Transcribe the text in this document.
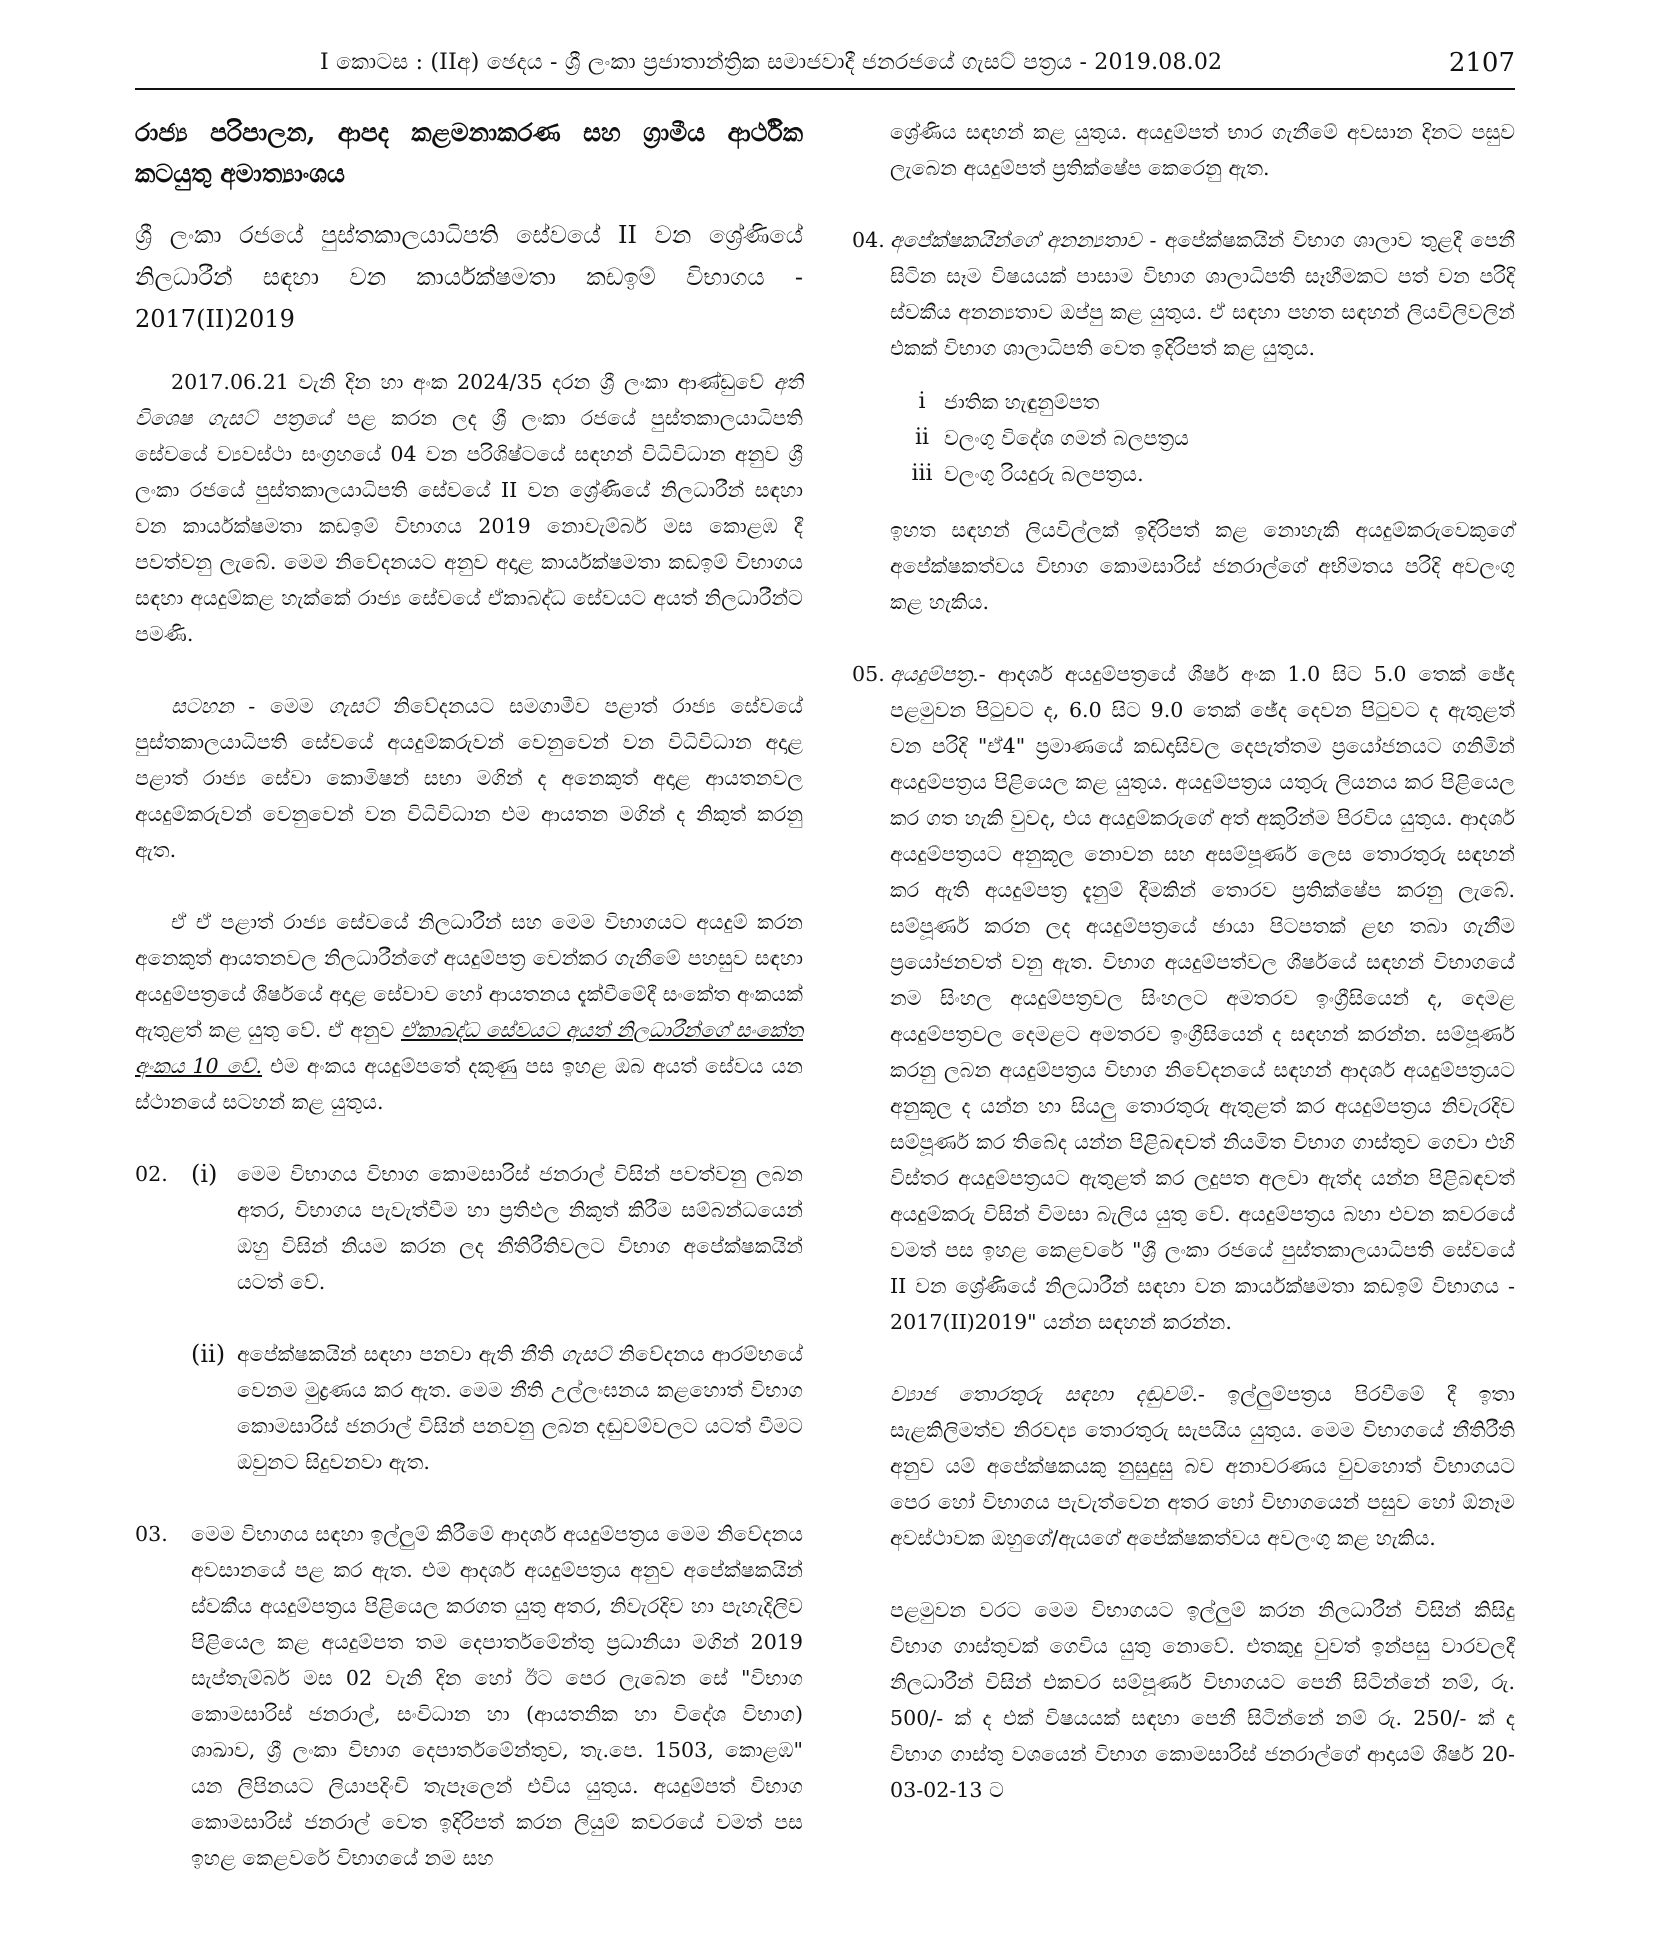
I කොටස : (IIඅ) ඡෙදය - ශ්‍රී ලංකා ප්‍රජාතාන්ත්‍රික සමාජවාදී ජනරජයේ ගැසට් පත්‍රය - 2019.08.02	2107

රාජ්‍ය පරිපාලන, ආපද කළමනාකරණ සහ ග්‍රාමීය ආර්ථික කටයුතු අමාත්‍යාංශය

ශ්‍රී ලංකා රජයේ පුස්තකාලයාධිපති සේවයේ II වන ශ්‍රේණියේ නිලධාරීන් සඳහා වන කාර්යක්ෂමතා කඩඉම් විභාගය - 2017(II)2019

2017.06.21 වැනි දින හා අංක 2024/35 දරන ශ්‍රී ලංකා ආණ්ඩුවේ අති විශෙෂ ගැසට් පත්‍රයේ පළ කරන ලද ශ්‍රී ලංකා රජයේ පුස්තකාලයාධිපති සේවයේ ව්‍යවස්ථා සංග්‍රහයේ 04 වන පරිශිෂ්ටයේ සඳහන් විධිවිධාන අනුව ශ්‍රී ලංකා රජයේ පුස්තකාලයාධිපති සේවයේ II වන ශ්‍රේණියේ නිලධාරීන් සඳහා වන කාර්යක්ෂමතා කඩඉම් විභාගය 2019 නොවැම්බර් මස කොළඹ දී පවත්වනු ලැබේ. මෙම නිවේදනයට අනුව අදාළ කාර්යක්ෂමතා කඩඉම් විභාගය සඳහා අයදුම්කළ හැක්කේ රාජ්‍ය සේවයේ ඒකාබද්ධ සේවයට අයත් නිලධාරීන්ට පමණි.

සටහන - මෙම ගැසට් නිවේදනයට සමගාමීව පළාත් රාජ්‍ය සේවයේ පුස්තකාලයාධිපති සේවයේ අයදුම්කරුවන් වෙනුවෙන් වන විධිවිධාන අදාළ පළාත් රාජ්‍ය සේවා කොමිෂන් සභා මගින් ද අනෙකුත් අදාළ ආයතනවල අයදුම්කරුවන් වෙනුවෙන් වන විධිවිධාන එම ආයතන මගින් ද නිකුත් කරනු ඇත.

ඒ ඒ පළාත් රාජ්‍ය සේවයේ නිලධාරීන් සහ මෙම විභාගයට අයදුම් කරන අනෙකුත් ආයතනවල නිලධාරීන්ගේ අයදුම්පත්‍ර වෙන්කර ගැනීමේ පහසුව සඳහා අයදුම්පත්‍රයේ ශීර්ෂයේ අදාළ සේවාව හෝ ආයතනය දැක්වීමේදී සංකේත අංකයක් ඇතුළත් කළ යුතු වේ. ඒ අනුව ඒකාබද්ධ සේවයට අයත් නිලධාරීන්ගේ සංකේත අංකය 10 වේ. එම අංකය අයදුම්පතේ දකුණු පස ඉහළ ඔබ අයත් සේවය යන ස්ථානයේ සටහන් කළ යුතුය.

02. (i) මෙම විභාගය විභාග කොමසාරිස් ජනරාල් විසින් පවත්වනු ලබන අතර, විභාගය පැවැත්වීම හා ප්‍රතිඵල නිකුත් කිරීම සම්බන්ධයෙන් ඔහු විසින් නියම කරන ලද නීතිරීතිවලට විභාග අපේක්ෂකයින් යටත් වේ.
(ii) අපේක්ෂකයින් සඳහා පනවා ඇති නීති ගැසට් නිවේදනය ආරම්භයේ වෙනම මුද්‍රණය කර ඇත. මෙම නීති උල්ලංඝනය කළහොත් විභාග කොමසාරිස් ජනරාල් විසින් පනවනු ලබන දඬුවම්වලට යටත් වීමට ඔවුනට සිදුවනවා ඇත.
03.	මෙම විභාගය සඳහා ඉල්ලුම් කිරීමේ ආදර්ශ අයදුම්පත්‍රය මෙම නිවේදනය අවසානයේ පළ කර ඇත. එම ආදර්ශ අයදුම්පත්‍රය අනුව අපේක්ෂකයින් ස්වකීය අයදුම්පත්‍රය පිළියෙල කරගත යුතු අතර, නිවැරදිව හා පැහැදිලිව පිළියෙල කළ අයදුම්පත තම දෙපාර්තමේන්තු ප්‍රධානියා මගින් 2019 සැප්තැම්බර් මස 02 වැනි දින හෝ ඊට පෙර ලැබෙන සේ "විභාග කොමසාරිස් ජනරාල්, සංවිධාන හා (ආයතනික හා විදේශ විභාග) ශාඛාව, ශ්‍රී ලංකා විභාග දෙපාර්තමේන්තුව, තැ.පෙ. 1503, කොළඹ" යන ලිපිනයට ලියාපදිංචි තැපෑලෙන් එවිය යුතුය. අයදුම්පත් විභාග කොමසාරිස් ජනරාල් වෙත ඉදිරිපත් කරන ලියුම් කවරයේ වමත් පස ඉහළ කෙළවරේ විභාගයේ නම සහ

ශ්‍රේණිය සඳහන් කළ යුතුය. අයදුම්පත් භාර ගැනීමේ අවසාන දිනට පසුව ලැබෙන අයදුම්පත් ප්‍රතික්ෂේප කෙරෙනු ඇත.

04. අපේක්ෂකයින්ගේ අනන්‍යතාව - අපේක්ෂකයින් විභාග ශාලාව තුළදී පෙනී සිටින සෑම විෂයයක් පාසාම විභාග ශාලාධිපති සෑහීමකට පත් වන පරිදි ස්වකීය අනන්‍යතාව ඔප්පු කළ යුතුය. ඒ සඳහා පහත සඳහන් ලියවිලිවලින් එකක් විභාග ශාලාධිපති වෙත ඉදිරිපත් කළ යුතුය.
i ජාතික හැඳුනුම්පත
ii වලංගු විදේශ ගමන් බලපත්‍රය
iii වලංගු රියදුරු බලපත්‍රය.

ඉහත සඳහන් ලියවිල්ලක් ඉදිරිපත් කළ නොහැකි අයදුම්කරුවෙකුගේ අපේක්ෂකත්වය විභාග කොමසාරිස් ජනරාල්ගේ අභිමතය පරිදි අවලංගු කළ හැකිය.

05. අයදුම්පත්‍ර.- ආදර්ශ අයදුම්පත්‍රයේ ශීර්ෂ අංක 1.0 සිට 5.0 තෙක් ඡේද පළමුවන පිටුවට ද, 6.0 සිට 9.0 තෙක් ඡේද දෙවන පිටුවට ද ඇතුළත් වන පරිදි "ඒ4" ප්‍රමාණයේ කඩදාසිවල දෙපැත්තම ප්‍රයෝජනයට ගනිමින් අයදුම්පත්‍රය පිළියෙල කළ යුතුය. අයදුම්පත්‍රය යතුරු ලියනය කර පිළියෙල කර ගත හැකි වුවද, එය අයදුම්කරුගේ අත් අකුරින්ම පිරවිය යුතුය. ආදර්ශ අයදුම්පත්‍රයට අනුකූල නොවන සහ අසම්පූර්ණ ලෙස තොරතුරු සඳහන් කර ඇති අයදුම්පත්‍ර දැනුම් දීමකින් තොරව ප්‍රතික්ෂේප කරනු ලැබේ. සම්පූර්ණ කරන ලද අයදුම්පත්‍රයේ ඡායා පිටපතක් ළඟ තබා ගැනීම ප්‍රයෝජනවත් වනු ඇත. විභාග අයදුම්පත්වල ශීර්ෂයේ සඳහන් විභාගයේ නම සිංහල අයදුම්පත්‍රවල සිංහලට අමතරව ඉංග්‍රීසියෙන් ද, දෙමළ අයදුම්පත්‍රවල දෙමළට අමතරව ඉංග්‍රීසියෙන් ද සඳහන් කරන්න. සම්පූර්ණ කරනු ලබන අයදුම්පත්‍රය විභාග නිවේදනයේ සඳහන් ආදර්ශ අයදුම්පත්‍රයට අනුකූල ද යන්න හා සියලු තොරතුරු ඇතුළත් කර අයදුම්පත්‍රය නිවැරදිව සම්පූර්ණ කර තිබේද යන්න පිළිබඳවත් නියමිත විභාග ගාස්තුව ගෙවා එහි විස්තර අයදුම්පත්‍රයට ඇතුළත් කර ලදුපත අලවා ඇත්ද යන්න පිළිබඳවත් අයදුම්කරු විසින් විමසා බැලිය යුතු වේ. අයදුම්පත්‍රය බහා එවන කවරයේ වමත් පස ඉහළ කෙළවරේ "ශ්‍රී ලංකා රජයේ පුස්තකාලයාධිපති සේවයේ II වන ශ්‍රේණියේ නිලධාරීන් සඳහා වන කාර්යක්ෂමතා කඩඉම් විභාගය - 2017(II)2019" යන්න සඳහන් කරන්න.

ව්‍යාජ තොරතුරු සඳහා දඬුවම්.- ඉල්ලුම්පත්‍රය පිරවීමේ දී ඉතා සැළකිලිමත්ව නිරවද්‍ය තොරතුරු සැපයිය යුතුය. මෙම විභාගයේ නීතිරීති අනුව යම් අපේක්ෂකයකු නුසුදුසු බව අනාවරණය වුවහොත් විභාගයට පෙර හෝ විභාගය පැවැත්වෙන අතර හෝ විභාගයෙන් පසුව හෝ ඕනෑම අවස්ථාවක ඔහුගේ/ඇයගේ අපේක්ෂකත්වය අවලංගු කළ හැකිය.

පළමුවන වරට මෙම විභාගයට ඉල්ලුම් කරන නිලධාරීන් විසින් කිසිදු විභාග ගාස්තුවක් ගෙවිය යුතු නොවේ. එතකුදු වුවත් ඉන්පසු වාරවලදී නිලධාරීන් විසින් එකවර සම්පූර්ණ විභාගයට පෙනී සිටින්නේ නම්, රු. 500/- ක් ද එක් විෂයයක් සඳහා පෙනී සිටින්නේ නම් රු. 250/- ක් ද විභාග ගාස්තු වශයෙන් විභාග කොමසාරිස් ජනරාල්ගේ ආදායම් ශීර්ෂ 20-03-02-13 ට
